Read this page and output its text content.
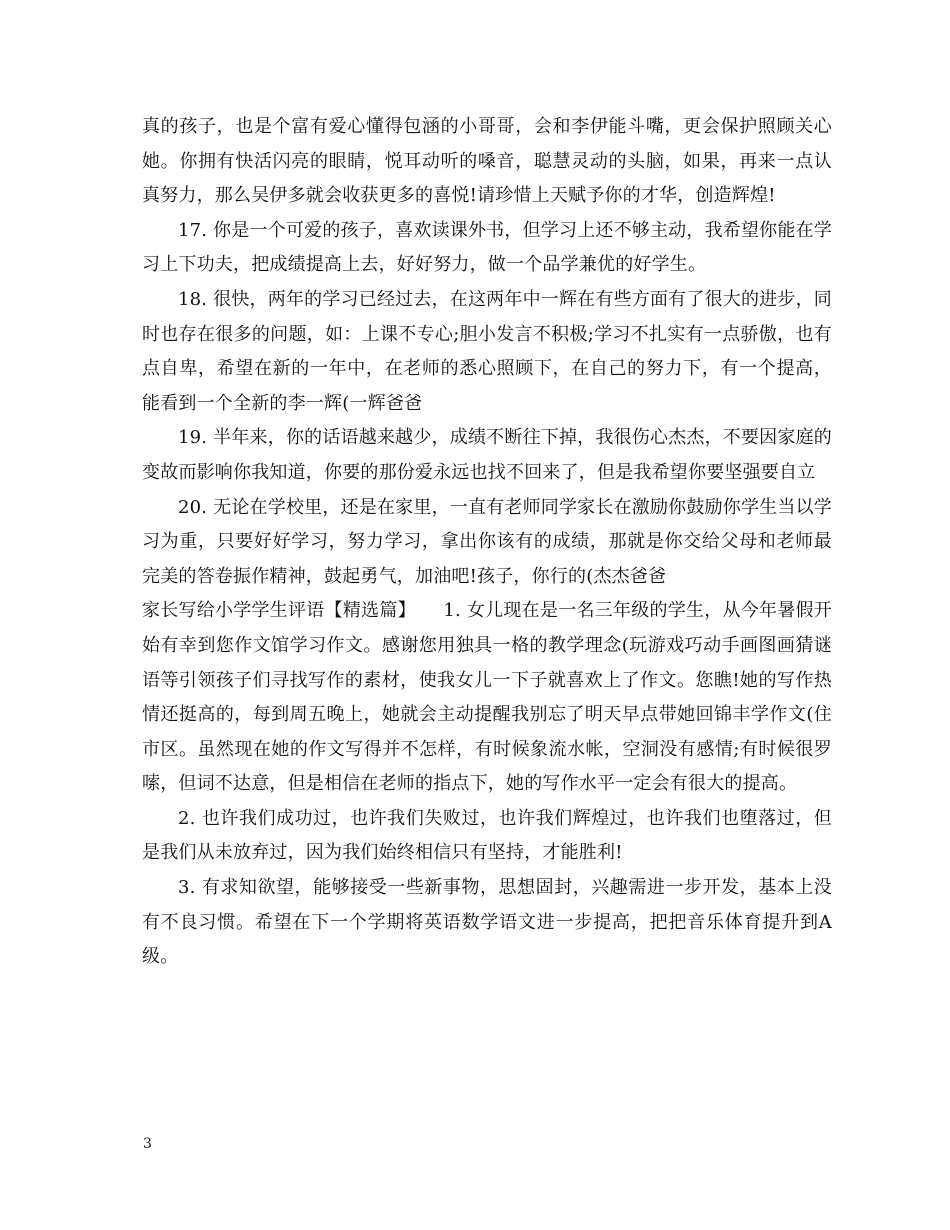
真的孩子，也是个富有爱心懂得包涵的小哥哥，会和李伊能斗嘴，更会保护照顾关心她。你拥有快活闪亮的眼睛，悦耳动听的嗓音，聪慧灵动的头脑，如果，再来一点认真努力，那么吴伊多就会收获更多的喜悦!请珍惜上天赋予你的才华，创造辉煌!

17. 你是一个可爱的孩子，喜欢读课外书，但学习上还不够主动，我希望你能在学习上下功夫，把成绩提高上去，好好努力，做一个品学兼优的好学生。

18. 很快，两年的学习已经过去，在这两年中一辉在有些方面有了很大的进步，同时也存在很多的问题，如：上课不专心;胆小发言不积极;学习不扎实有一点骄傲，也有点自卑，希望在新的一年中，在老师的悉心照顾下，在自己的努力下，有一个提高，能看到一个全新的李一辉(一辉爸爸

19. 半年来，你的话语越来越少，成绩不断往下掉，我很伤心杰杰，不要因家庭的变故而影响你我知道，你要的那份爱永远也找不回来了，但是我希望你要坚强要自立

20. 无论在学校里，还是在家里，一直有老师同学家长在激励你鼓励你学生当以学习为重，只要好好学习，努力学习，拿出你该有的成绩，那就是你交给父母和老师最完美的答卷振作精神，鼓起勇气，加油吧!孩子，你行的(杰杰爸爸

家长写给小学学生评语【精选篇】　　1. 女儿现在是一名三年级的学生，从今年暑假开始有幸到您作文馆学习作文。感谢您用独具一格的教学理念(玩游戏巧动手画图画猜谜语等引领孩子们寻找写作的素材，使我女儿一下子就喜欢上了作文。您瞧!她的写作热情还挺高的，每到周五晚上，她就会主动提醒我别忘了明天早点带她回锦丰学作文(住市区。虽然现在她的作文写得并不怎样，有时候象流水帐，空洞没有感情;有时候很罗嗦，但词不达意，但是相信在老师的指点下，她的写作水平一定会有很大的提高。

2. 也许我们成功过，也许我们失败过，也许我们辉煌过，也许我们也堕落过，但是我们从未放弃过，因为我们始终相信只有坚持，才能胜利!

3. 有求知欲望，能够接受一些新事物，思想固封，兴趣需进一步开发，基本上没有不良习惯。希望在下一个学期将英语数学语文进一步提高，把把音乐体育提升到A级。

3
